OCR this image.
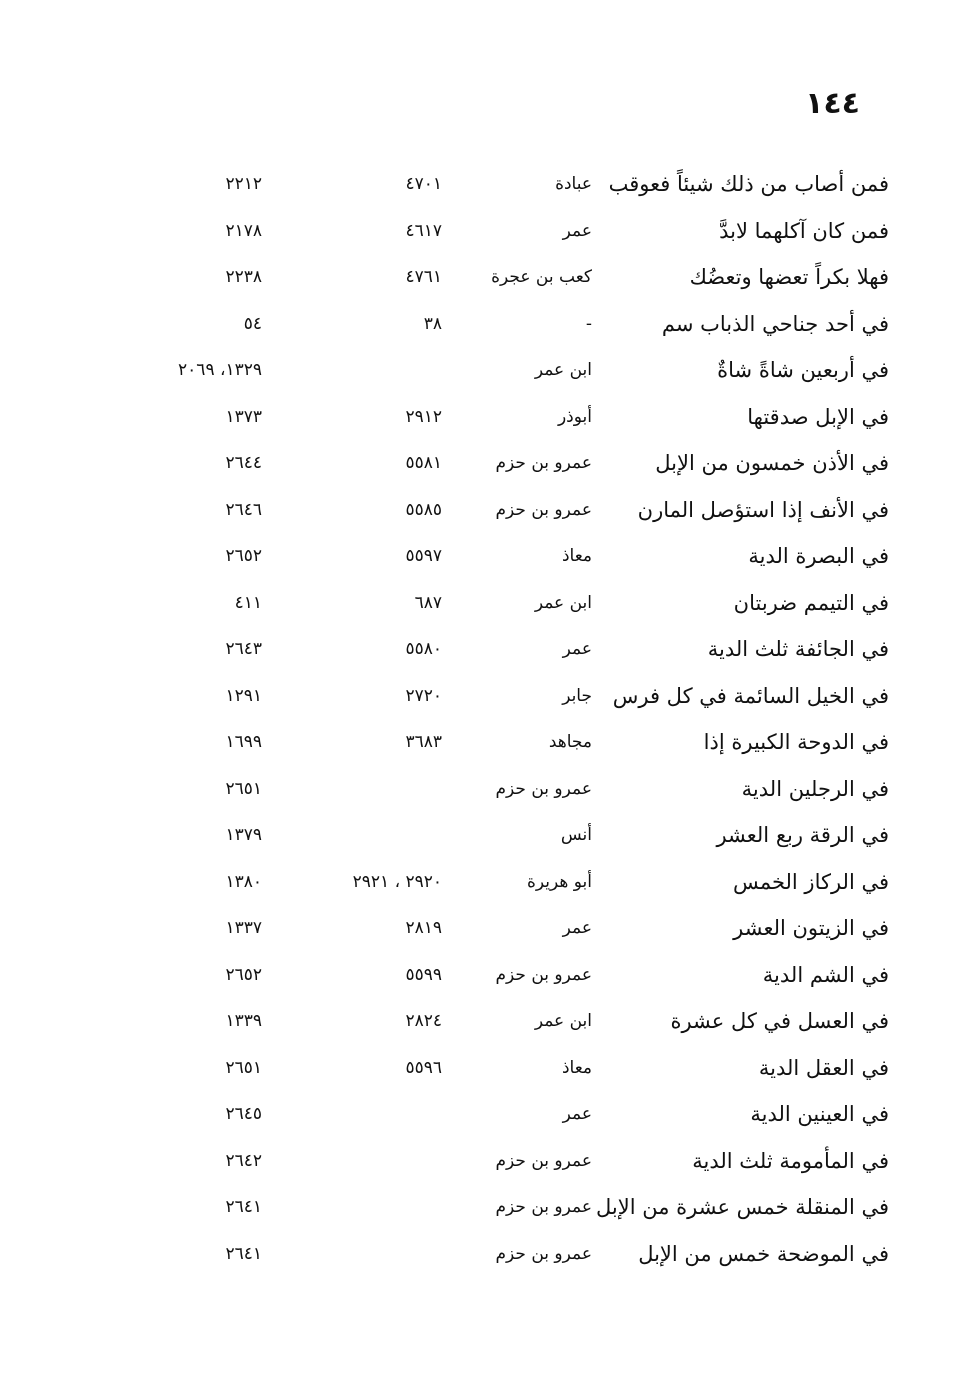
١٤٤
فمن أصاب من ذلك شيئاً فعوقب
عبادة
٤٧٠١
٢٢١٢
فمن كان آكلهما لابدَّ
عمر
٤٦١٧
٢١٧٨
فهلا بكراً تعضها وتعضُك
كعب بن عجرة
٤٧٦١
٢٢٣٨
في أحد جناحي الذباب سم
-
٣٨
٥٤
في أربعين شاةً شاةٌ
ابن عمر
١٣٢٩، ٢٠٦٩
في الإبل صدقتها
أبوذر
٢٩١٢
١٣٧٣
في الأذن خمسون من الإبل
عمرو بن حزم
٥٥٨١
٢٦٤٤
في الأنف إذا استؤصل المارن
عمرو بن حزم
٥٥٨٥
٢٦٤٦
في البصرة الدية
معاذ
٥٥٩٧
٢٦٥٢
في التيمم ضربتان
ابن عمر
٦٨٧
٤١١
في الجائفة ثلث الدية
عمر
٥٥٨٠
٢٦٤٣
في الخيل السائمة في كل فرس
جابر
٢٧٢٠
١٢٩١
في الدوحة الكبيرة إذا
مجاهد
٣٦٨٣
١٦٩٩
في الرجلين الدية
عمرو بن حزم
٢٦٥١
في الرقة ربع العشر
أنس
١٣٧٩
في الركاز الخمس
أبو هريرة
٢٩٢٠ ، ٢٩٢١
١٣٨٠
في الزيتون العشر
عمر
٢٨١٩
١٣٣٧
في الشم الدية
عمرو بن حزم
٥٥٩٩
٢٦٥٢
في العسل في كل عشرة
ابن عمر
٢٨٢٤
١٣٣٩
في العقل الدية
معاذ
٥٥٩٦
٢٦٥١
في العينين الدية
عمر
٢٦٤٥
في المأمومة ثلث الدية
عمرو بن حزم
٢٦٤٢
في المنقلة خمس عشرة من الإبل
عمرو بن حزم
٢٦٤١
في الموضحة خمس من الإبل
عمرو بن حزم
٢٦٤١
